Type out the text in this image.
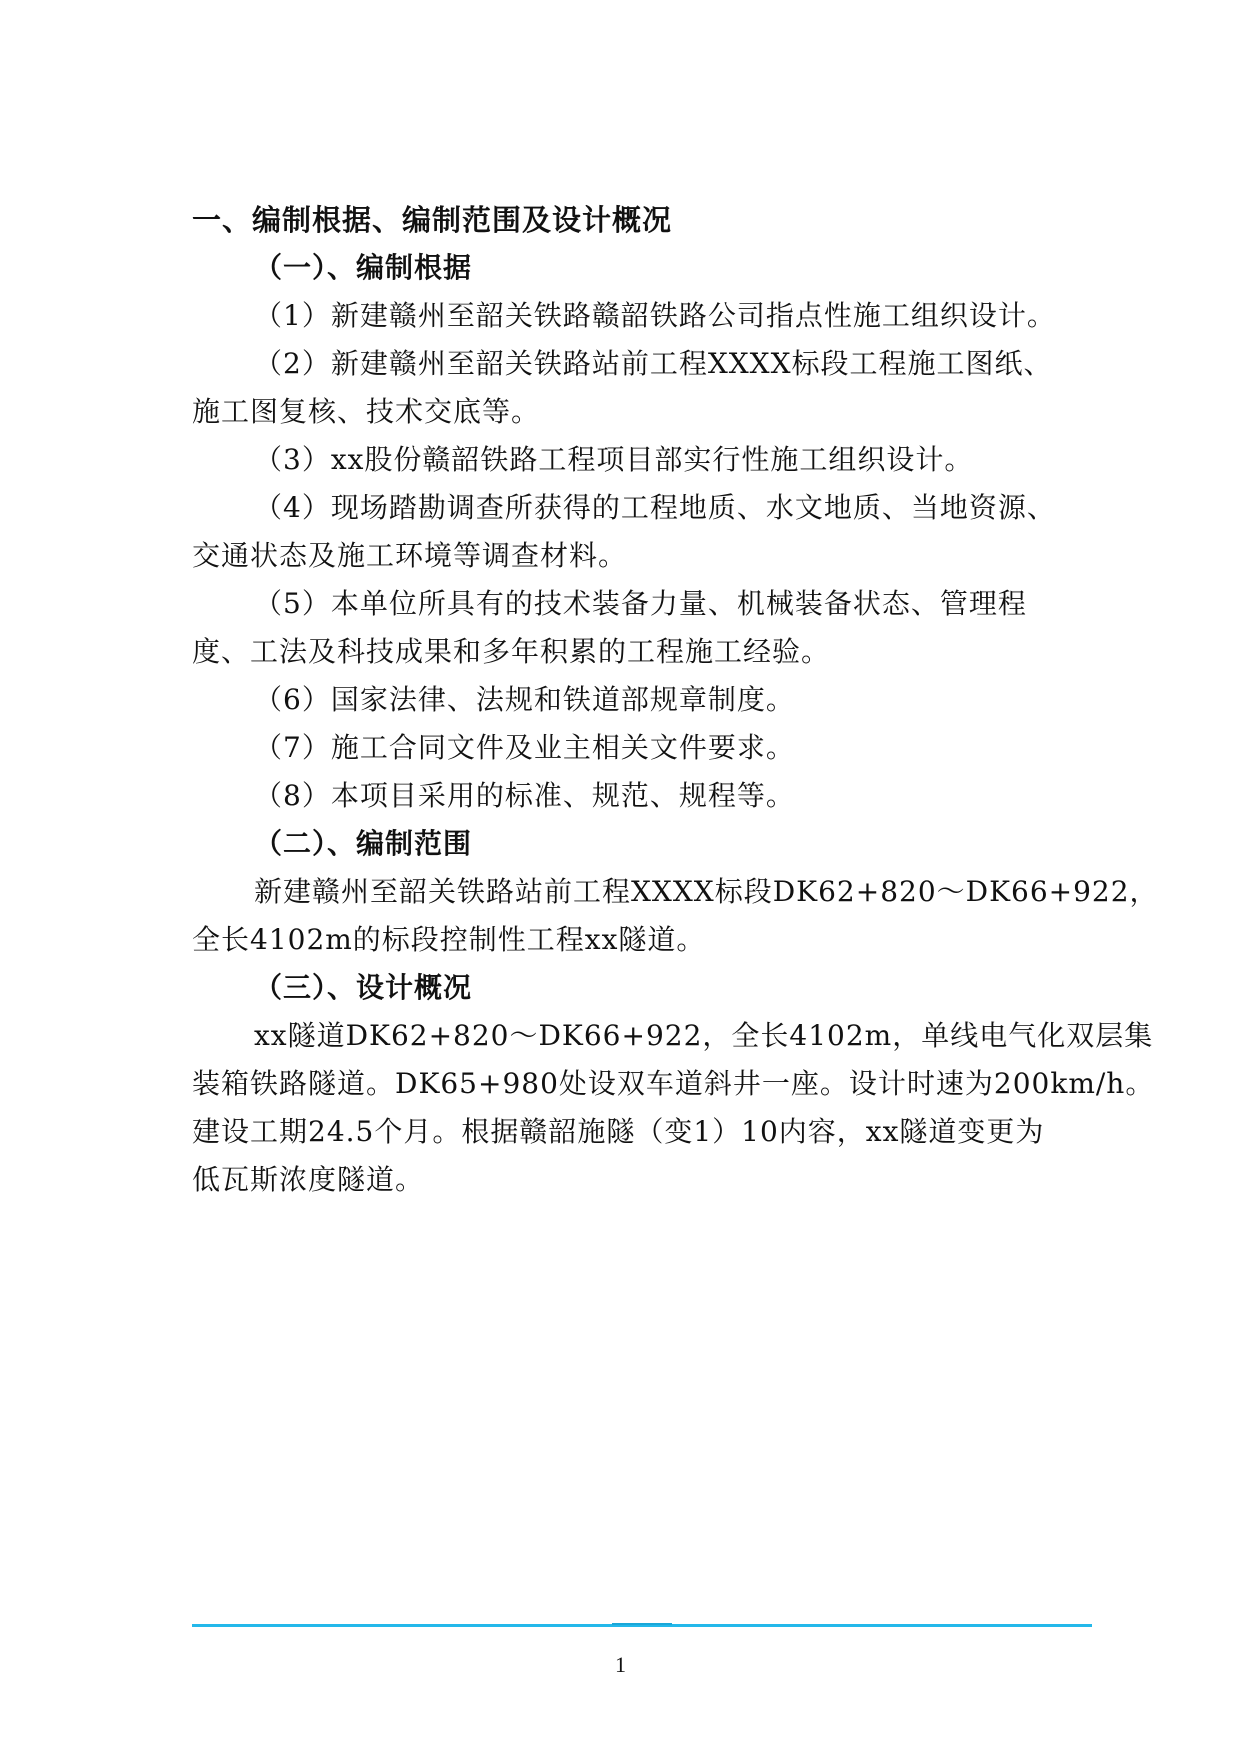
一、编制根据、编制范围及设计概况
（一）、编制根据
（1）新建赣州至韶关铁路赣韶铁路公司指点性施工组织设计。
（2）新建赣州至韶关铁路站前工程XXXX标段工程施工图纸、
施工图复核、技术交底等。
（3）xx股份赣韶铁路工程项目部实行性施工组织设计。
（4）现场踏勘调查所获得的工程地质、水文地质、当地资源、
交通状态及施工环境等调查材料。
（5）本单位所具有的技术装备力量、机械装备状态、管理程
度、工法及科技成果和多年积累的工程施工经验。
（6）国家法律、法规和铁道部规章制度。
（7）施工合同文件及业主相关文件要求。
（8）本项目采用的标准、规范、规程等。
（二）、编制范围
新建赣州至韶关铁路站前工程XXXX标段DK62+820～DK66+922，
全长4102m的标段控制性工程xx隧道。
（三）、设计概况
xx隧道DK62+820～DK66+922，全长4102m，单线电气化双层集
装箱铁路隧道。DK65+980处设双车道斜井一座。设计时速为200km/h。
建设工期24.5个月。根据赣韶施隧（变1）10内容，xx隧道变更为
低瓦斯浓度隧道。
1
